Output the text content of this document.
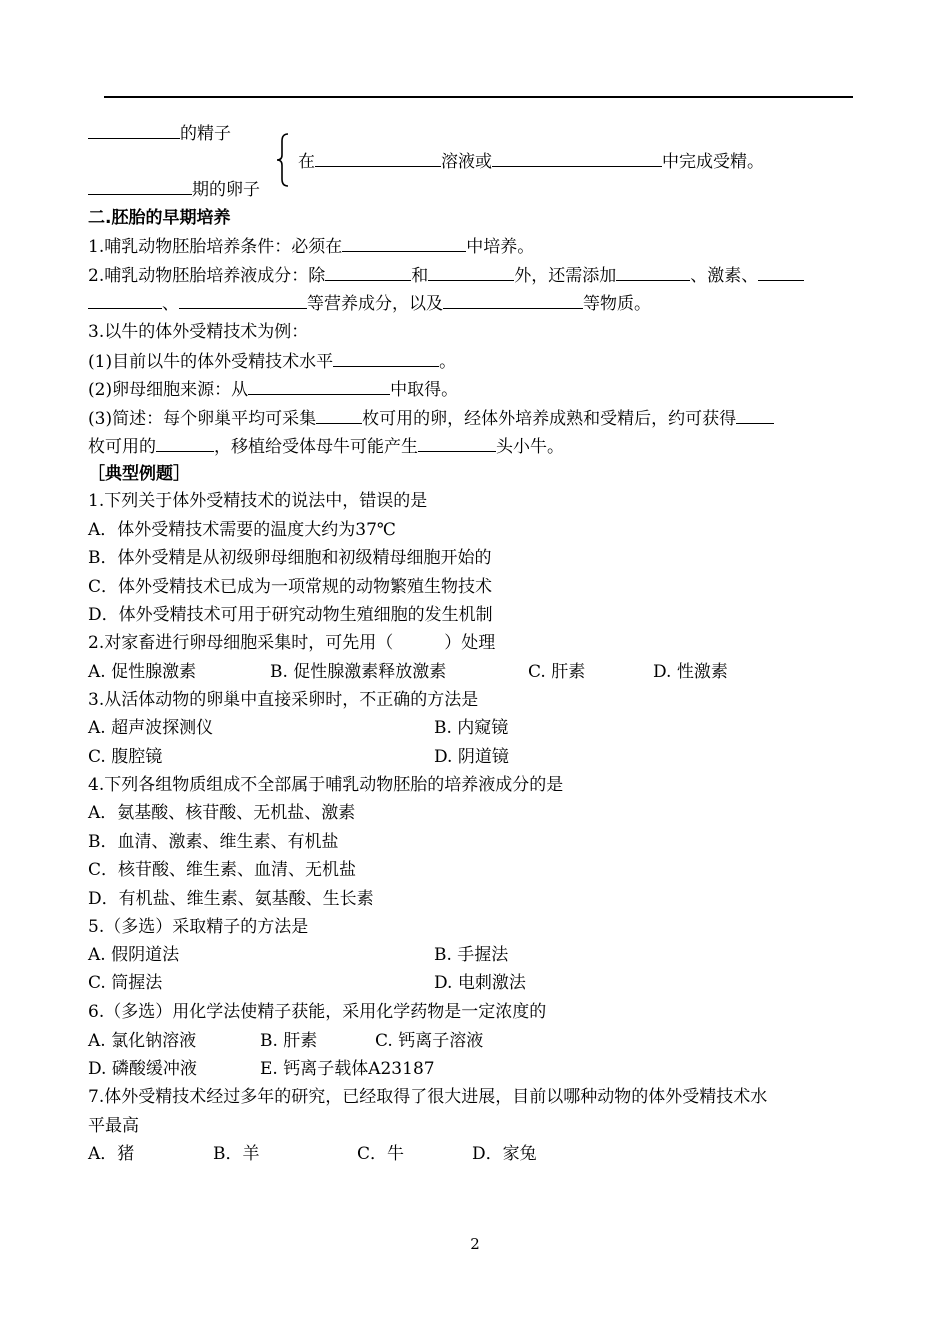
的精子
期的卵子
在	溶液或	中完成受精。
二.胚胎的早期培养
1.哺乳动物胚胎培养条件：必须在	中培养。
2.哺乳动物胚胎培养液成分：除	和	外，还需添加	、激素、
、	等营养成分，以及	等物质。
3.以牛的体外受精技术为例：
(1)目前以牛的体外受精技术水平	。
(2)卵母细胞来源：从	中取得。
(3)简述：每个卵巢平均可采集	枚可用的卵，经体外培养成熟和受精后，约可获得
枚可用的	，移植给受体母牛可能产生	头小牛。
［典型例题］
1.下列关于体外受精技术的说法中，错误的是
A．体外受精技术需要的温度大约为37℃
B．体外受精是从初级卵母细胞和初级精母细胞开始的
C．体外受精技术已成为一项常规的动物繁殖生物技术
D．体外受精技术可用于研究动物生殖细胞的发生机制
2.对家畜进行卵母细胞采集时，可先用（　　　）处理
A. 促性腺激素	B. 促性腺激素释放激素	C. 肝素	D. 性激素
3.从活体动物的卵巢中直接采卵时，不正确的方法是
A. 超声波探测仪	B. 内窥镜
C. 腹腔镜	D. 阴道镜
4.下列各组物质组成不全部属于哺乳动物胚胎的培养液成分的是
A．氨基酸、核苷酸、无机盐、激素
B．血清、激素、维生素、有机盐
C．核苷酸、维生素、血清、无机盐
D．有机盐、维生素、氨基酸、生长素
5.（多选）采取精子的方法是
A. 假阴道法	B. 手握法
C. 筒握法	D. 电刺激法
6.（多选）用化学法使精子获能，采用化学药物是一定浓度的
A. 氯化钠溶液	B. 肝素	C. 钙离子溶液
D. 磷酸缓冲液	E. 钙离子载体A23187
7.体外受精技术经过多年的研究，已经取得了很大进展，目前以哪种动物的体外受精技术水
平最高
A．猪	B．羊	C．牛	D．家兔
2
